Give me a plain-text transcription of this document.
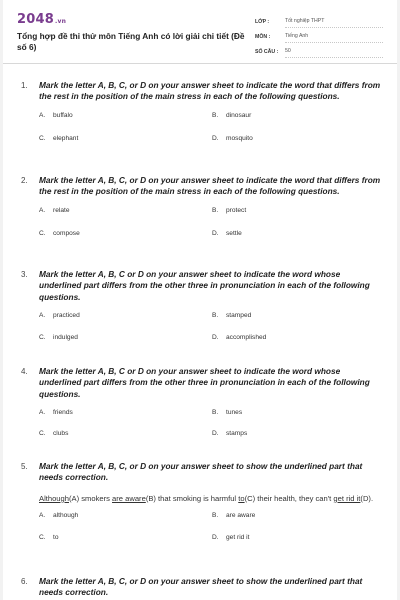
2048.vn
Tổng hợp đề thi thử môn Tiếng Anh có lời giải chi tiết (Đề số 6)
LỚP :	Tốt nghiệp THPT
MÔN :	Tiếng Anh
SỐ CÂU :	50
1.	Mark the letter A, B, C, or D on your answer sheet to indicate the word that differs from the rest in the position of the main stress in each of the following questions.
A. buffalo	B. dinosaur
C. elephant	D. mosquito
2.	Mark the letter A, B, C, or D on your answer sheet to indicate the word that differs from the rest in the position of the main stress in each of the following questions.
A. relate	B. protect
C. compose	D. settle
3.	Mark the letter A, B, C or D on your answer sheet to indicate the word whose underlined part differs from the other three in pronunciation in each of the following questions.
A. practiced	B. stamped
C. indulged	D. accomplished
4.	Mark the letter A, B, C or D on your answer sheet to indicate the word whose underlined part differs from the other three in pronunciation in each of the following questions.
A. friends	B. tunes
C. clubs	D. stamps
5.	Mark the letter A, B, C, or D on your answer sheet to show the underlined part that needs correction.
Although(A) smokers are aware(B) that smoking is harmful to(C) their health, they can't get rid it(D).
A. although	B. are aware
C. to	D. get rid it
6.	Mark the letter A, B, C, or D on your answer sheet to show the underlined part that needs correction.
